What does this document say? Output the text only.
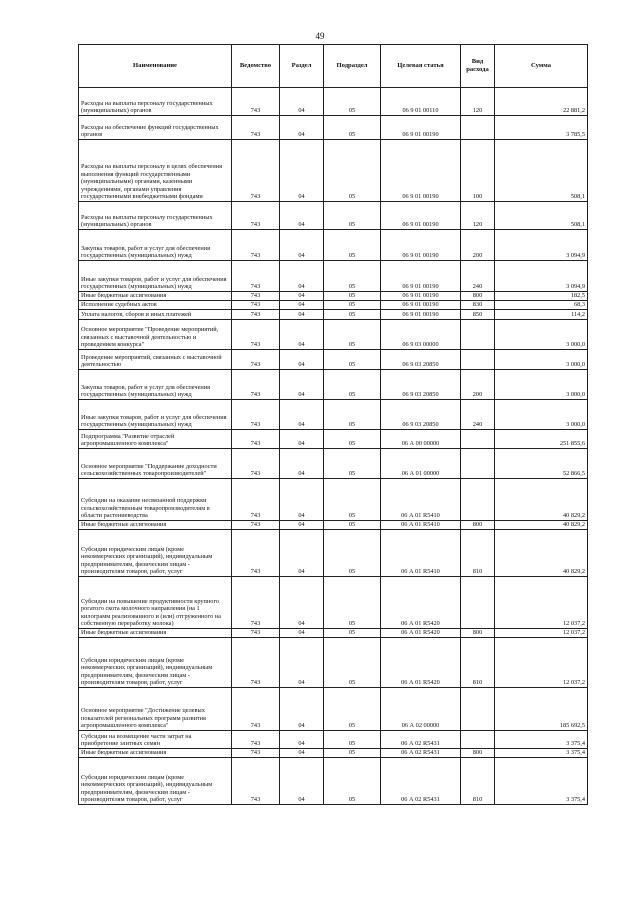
49
Наименование	Ведомство	Раздел	Подраздел	Целевая статья	Вид расхода	Сумма
Расходы на выплаты персоналу государственных (муниципальных) органов	743	04	05	06 9 01 00110	120	22 881,2
Расходы на обеспечение функций государственных органов	743	04	05	06 9 01 00190		3 785,5
Расходы на выплаты персоналу в целях обеспечения выполнения функций государственными (муниципальными) органами, казенными учреждениями, органами управления государственными внебюджетными фондами	743	04	05	06 9 01 00190	100	508,1
Расходы на выплаты персоналу государственных (муниципальных) органов	743	04	05	06 9 01 00190	120	508,1
Закупка товаров, работ и услуг для обеспечения государственных (муниципальных) нужд	743	04	05	06 9 01 00190	200	3 094,9
Иные закупки товаров, работ и услуг для обеспечения государственных (муниципальных) нужд	743	04	05	06 9 01 00190	240	3 094,9
Иные бюджетные ассигнования	743	04	05	06 9 01 00190	800	182,5
Исполнение судебных актов	743	04	05	06 9 01 00190	830	68,3
Уплата налогов, сборов и иных платежей	743	04	05	06 9 01 00190	850	114,2
Основное мероприятие "Проведение мероприятий, связанных с выставочной деятельностью и проведением конкурса"	743	04	05	06 9 03 00000		3 000,0
Проведение мероприятий, связанных с выставочной деятельностью	743	04	05	06 9 03 20850		3 000,0
Закупка товаров, работ и услуг для обеспечения государственных (муниципальных) нужд	743	04	05	06 9 03 20850	200	3 000,0
Иные закупки товаров, работ и услуг для обеспечения государственных (муниципальных) нужд	743	04	05	06 9 03 20850	240	3 000,0
Подпрограмма "Развитие отраслей агропромышленного комплекса"	743	04	05	06 А 00 00000		251 855,6
Основное мероприятие "Поддержание доходности сельскохозяйственных товаропроизводителей"	743	04	05	06 А 01 00000		52 866,5
Субсидии на оказание несвязанной поддержки сельскохозяйственным товаропроизводителям в области растениеводства	743	04	05	06 А 01 R5410		40 829,2
Иные бюджетные ассигнования	743	04	05	06 А 01 R5410	800	40 829,2
Субсидии юридическим лицам (кроме некоммерческих организаций), индивидуальным предпринимателям, физическим лицам - производителям товаров, работ, услуг	743	04	05	06 А 01 R5410	810	40 829,2
Субсидии на повышение продуктивности крупного рогатого скота молочного направления (на 1 килограмм реализованного и (или) отгруженного на собственную переработку молока)	743	04	05	06 А 01 R5420		12 037,2
Иные бюджетные ассигнования	743	04	05	06 А 01 R5420	800	12 037,2
Субсидии юридическим лицам (кроме некоммерческих организаций), индивидуальным предпринимателям, физическим лицам - производителям товаров, работ, услуг	743	04	05	06 А 01 R5420	810	12 037,2
Основное мероприятие "Достижение целевых показателей региональных программ развития агропромышленного комплекса"	743	04	05	06 А 02 00000		185 692,5
Субсидии на возмещение части затрат на приобретение элитных семян	743	04	05	06 А 02 R5431		3 375,4
Иные бюджетные ассигнования	743	04	05	06 А 02 R5431	800	3 375,4
Субсидии юридическим лицам (кроме некоммерческих организаций), индивидуальным предпринимателям, физическим лицам - производителям товаров, работ, услуг	743	04	05	06 А 02 R5431	810	3 375,4
